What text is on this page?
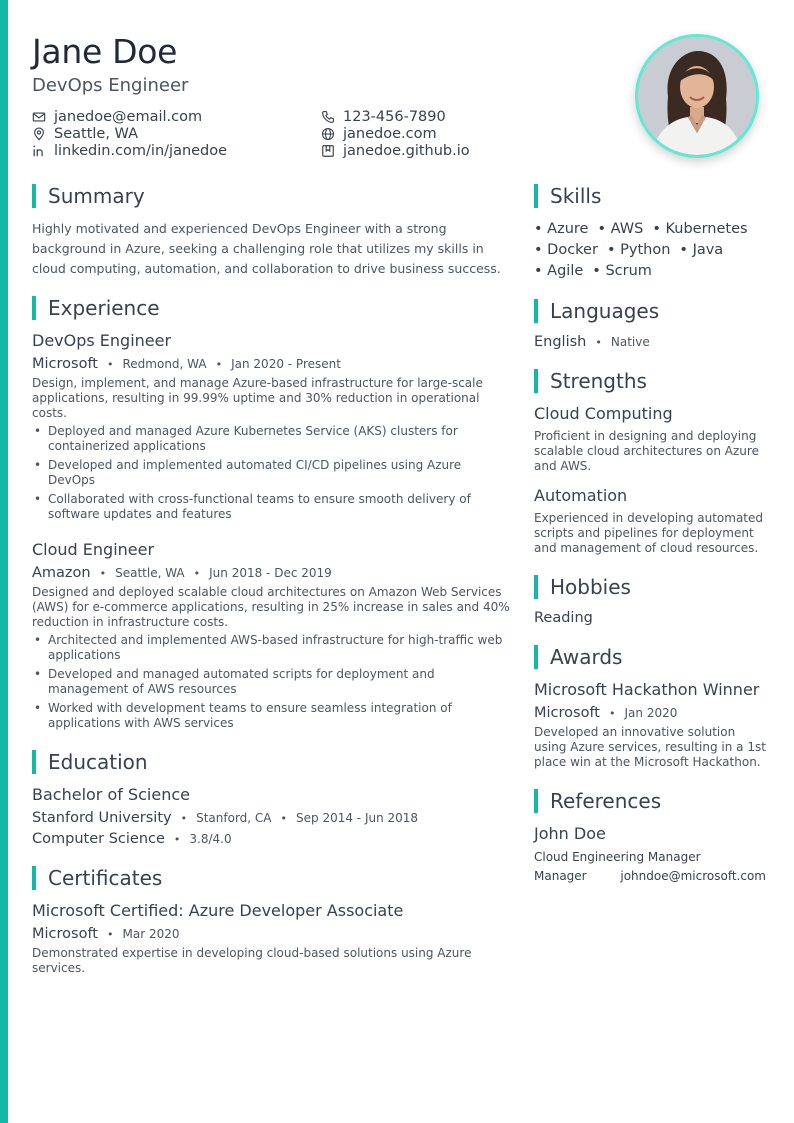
Jane Doe
DevOps Engineer
janedoe@email.com
Seattle, WA
linkedin.com/in/janedoe
123-456-7890
janedoe.com
janedoe.github.io
Summary

Highly motivated and experienced DevOps Engineer with a strong background in Azure, seeking a challenging role that utilizes my skills in cloud computing, automation, and collaboration to drive business success.

Experience
DevOps Engineer
Microsoft • Redmond, WA • Jan 2020 - Present

Design, implement, and manage Azure-based infrastructure for large-scale applications, resulting in 99.99% uptime and 30% reduction in operational costs.

• Deployed and managed Azure Kubernetes Service (AKS) clusters for containerized applications
• Developed and implemented automated CI/CD pipelines using Azure DevOps
• Collaborated with cross-functional teams to ensure smooth delivery of software updates and features
Cloud Engineer
Amazon • Seattle, WA • Jun 2018 - Dec 2019

Designed and deployed scalable cloud architectures on Amazon Web Services (AWS) for e-commerce applications, resulting in 25% increase in sales and 40% reduction in infrastructure costs.

• Architected and implemented AWS-based infrastructure for high-traffic web applications
• Developed and managed automated scripts for deployment and management of AWS resources
• Worked with development teams to ensure seamless integration of applications with AWS services
Education
Bachelor of Science
Stanford University • Stanford, CA • Sep 2014 - Jun 2018
Computer Science • 3.8/4.0
Certificates
Microsoft Certified: Azure Developer Associate
Microsoft • Mar 2020

Demonstrated expertise in developing cloud-based solutions using Azure services.

Skills
• Azure	• AWS	• Kubernetes
• Docker	• Python	• Java
• Agile	• Scrum
Languages
English • Native
Strengths
Cloud Computing

Proficient in designing and deploying scalable cloud architectures on Azure and AWS.

Automation

Experienced in developing automated scripts and pipelines for deployment and management of cloud resources.

Hobbies
Reading
Awards
Microsoft Hackathon Winner
Microsoft • Jan 2020

Developed an innovative solution using Azure services, resulting in a 1st place win at the Microsoft Hackathon.

References
John Doe
Cloud Engineering Manager
Manager	johndoe@microsoft.com
